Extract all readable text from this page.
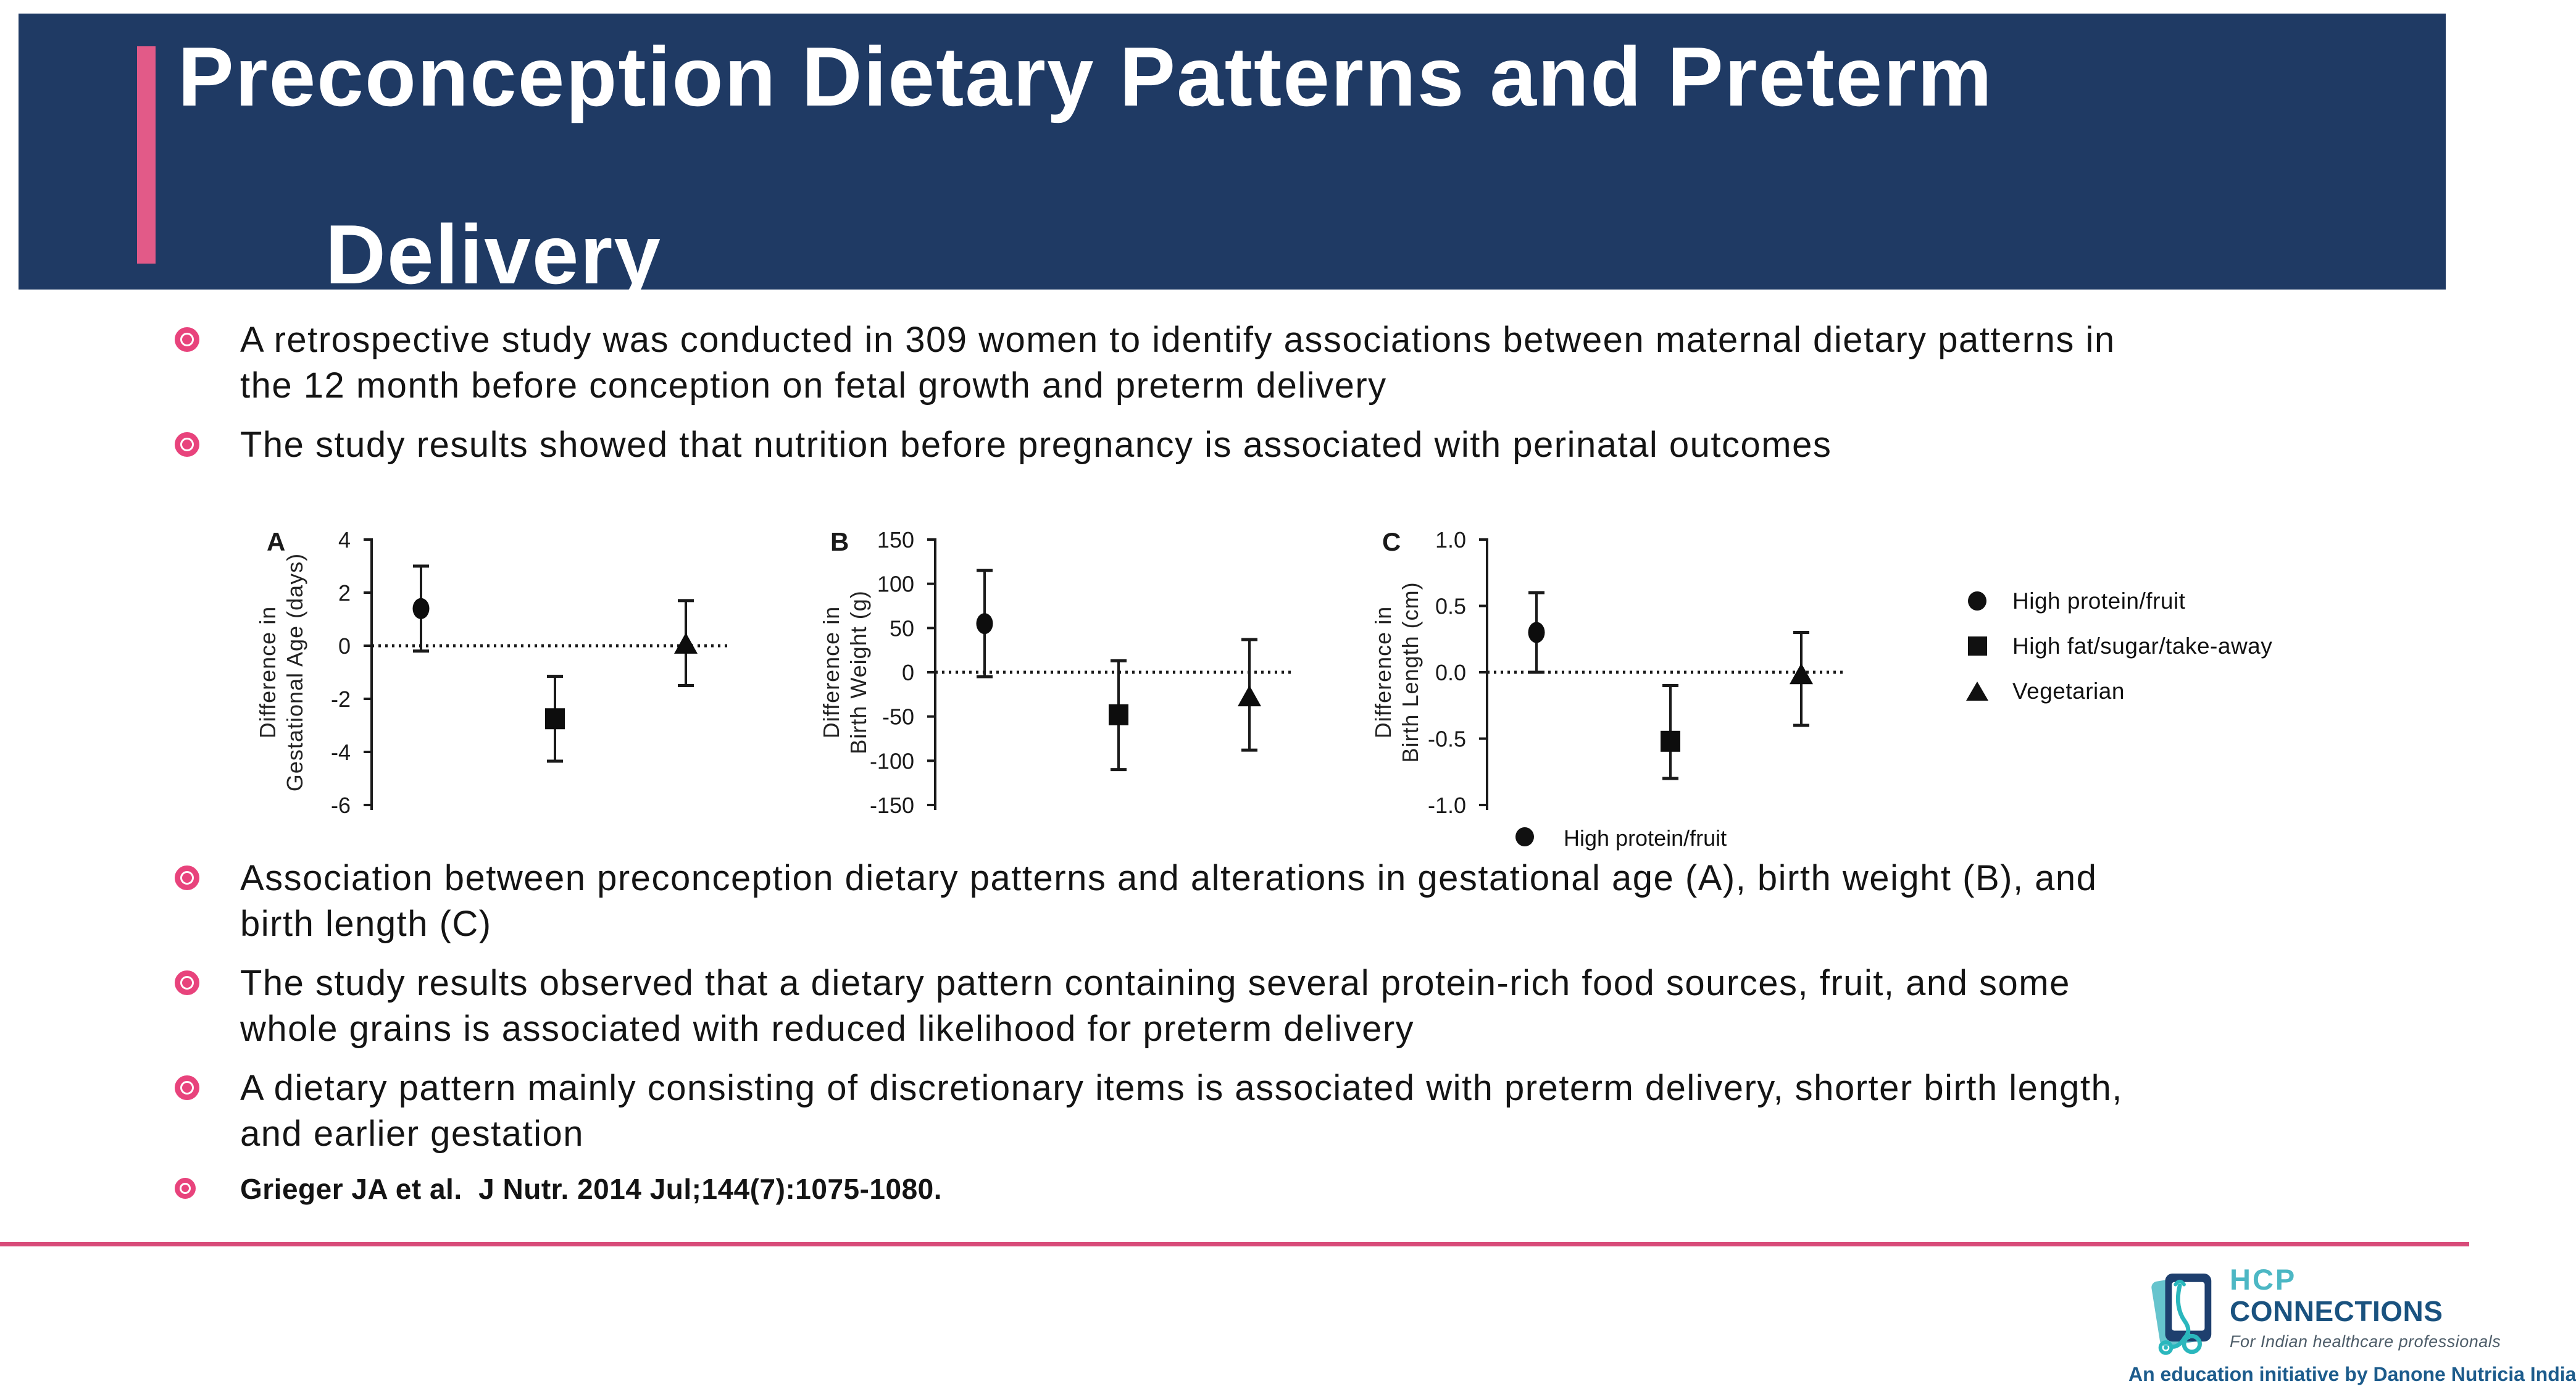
Preconception Dietary Patterns and Preterm

Delivery
A retrospective study was conducted in 309 women to identify associations between maternal dietary patterns in
the 12 month before conception on fetal growth and preterm delivery
The study results showed that nutrition before pregnancy is associated with perinatal outcomes
A
Difference in Gestational Age (days)
4
2
0
-2
-4
-6
B
Difference in Birth Weight (g)
150
100
50
0
-50
-100
-150
C
Difference in Birth Length (cm)
1.0
0.5
0.0
-0.5
-1.0
High protein/fruit
High fat/sugar/take-away
Vegetarian
High protein/fruit
Association between preconception dietary patterns and alterations in gestational age (A), birth weight (B), and
birth length (C)
The study results observed that a dietary pattern containing several protein-rich food sources, fruit, and some
whole grains is associated with reduced likelihood for preterm delivery
A dietary pattern mainly consisting of discretionary items is associated with preterm delivery, shorter birth length,
and earlier gestation
Grieger JA et al.  J Nutr. 2014 Jul;144(7):1075-1080.
HCP
CONNECTIONS
For Indian healthcare professionals
An education initiative by Danone Nutricia India
